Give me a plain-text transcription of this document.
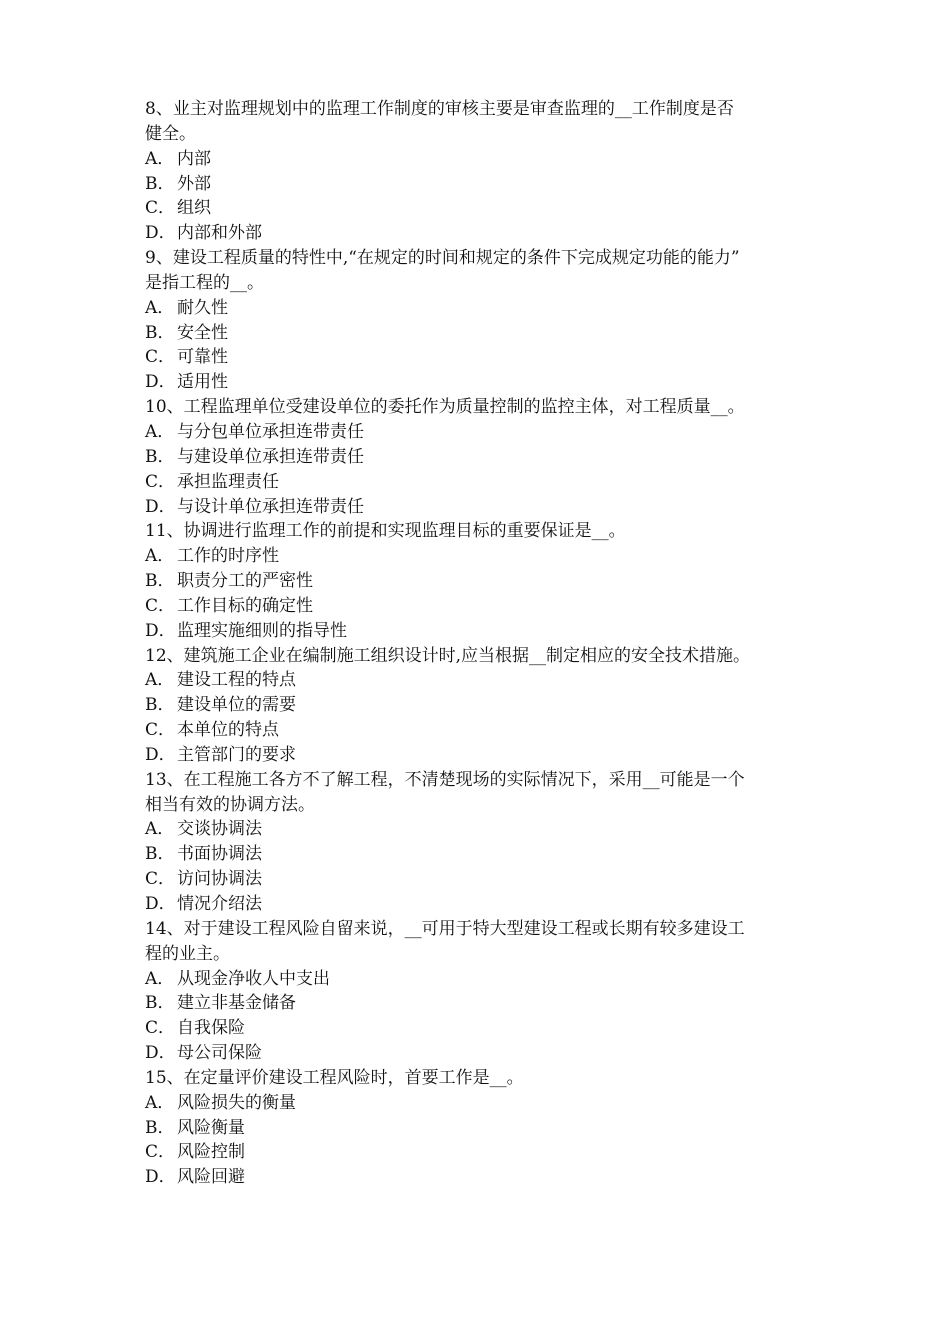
8、业主对监理规划中的监理工作制度的审核主要是审查监理的__工作制度是否
健全。
A． 内部
B． 外部
C． 组织
D．内部和外部
9、建设工程质量的特性中,“在规定的时间和规定的条件下完成规定功能的能力”
是指工程的__。
A． 耐久性
B． 安全性
C． 可靠性
D．适用性
10、工程监理单位受建设单位的委托作为质量控制的监控主体，对工程质量__。
A． 与分包单位承担连带责任
B． 与建设单位承担连带责任
C． 承担监理责任
D．与设计单位承担连带责任
11、协调进行监理工作的前提和实现监理目标的重要保证是__。
A． 工作的时序性
B． 职责分工的严密性
C． 工作目标的确定性
D．监理实施细则的指导性
12、建筑施工企业在编制施工组织设计时,应当根据__制定相应的安全技术措施。
A． 建设工程的特点
B． 建设单位的需要
C． 本单位的特点
D．主管部门的要求
13、在工程施工各方不了解工程，不清楚现场的实际情况下，采用__可能是一个
相当有效的协调方法。
A． 交谈协调法
B． 书面协调法
C． 访问协调法
D．情况介绍法
14、对于建设工程风险自留来说，__可用于特大型建设工程或长期有较多建设工
程的业主。
A． 从现金净收人中支出
B． 建立非基金储备
C． 自我保险
D．母公司保险
15、在定量评价建设工程风险时，首要工作是__。
A． 风险损失的衡量
B． 风险衡量
C． 风险控制
D．风险回避
